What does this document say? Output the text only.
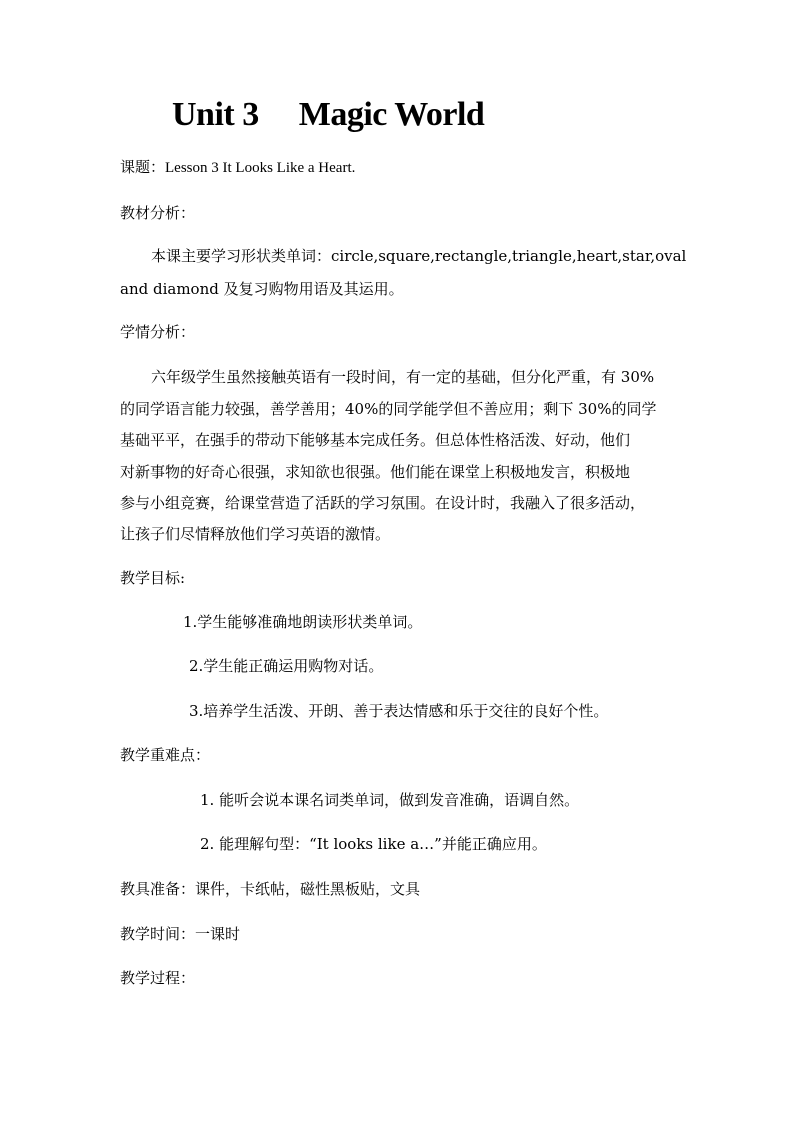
Unit 3     Magic World
课题：Lesson 3 It Looks Like a Heart.
教材分析：
本课主要学习形状类单词：circle,square,rectangle,triangle,heart,star,oval
and diamond 及复习购物用语及其运用。
学情分析：
六年级学生虽然接触英语有一段时间，有一定的基础，但分化严重，有 30%
的同学语言能力较强，善学善用；40%的同学能学但不善应用；剩下 30%的同学
基础平平，在强手的带动下能够基本完成任务。但总体性格活泼、好动，他们
对新事物的好奇心很强，求知欲也很强。他们能在课堂上积极地发言，积极地
参与小组竞赛，给课堂营造了活跃的学习氛围。在设计时，我融入了很多活动，
让孩子们尽情释放他们学习英语的激情。
教学目标:
1.学生能够准确地朗读形状类单词。
2.学生能正确运用购物对话。
3.培养学生活泼、开朗、善于表达情感和乐于交往的良好个性。
教学重难点：
1. 能听会说本课名词类单词，做到发音准确，语调自然。
2. 能理解句型：“It looks like a…”并能正确应用。
教具准备：课件，卡纸帖，磁性黑板贴，文具
教学时间：一课时
教学过程：
